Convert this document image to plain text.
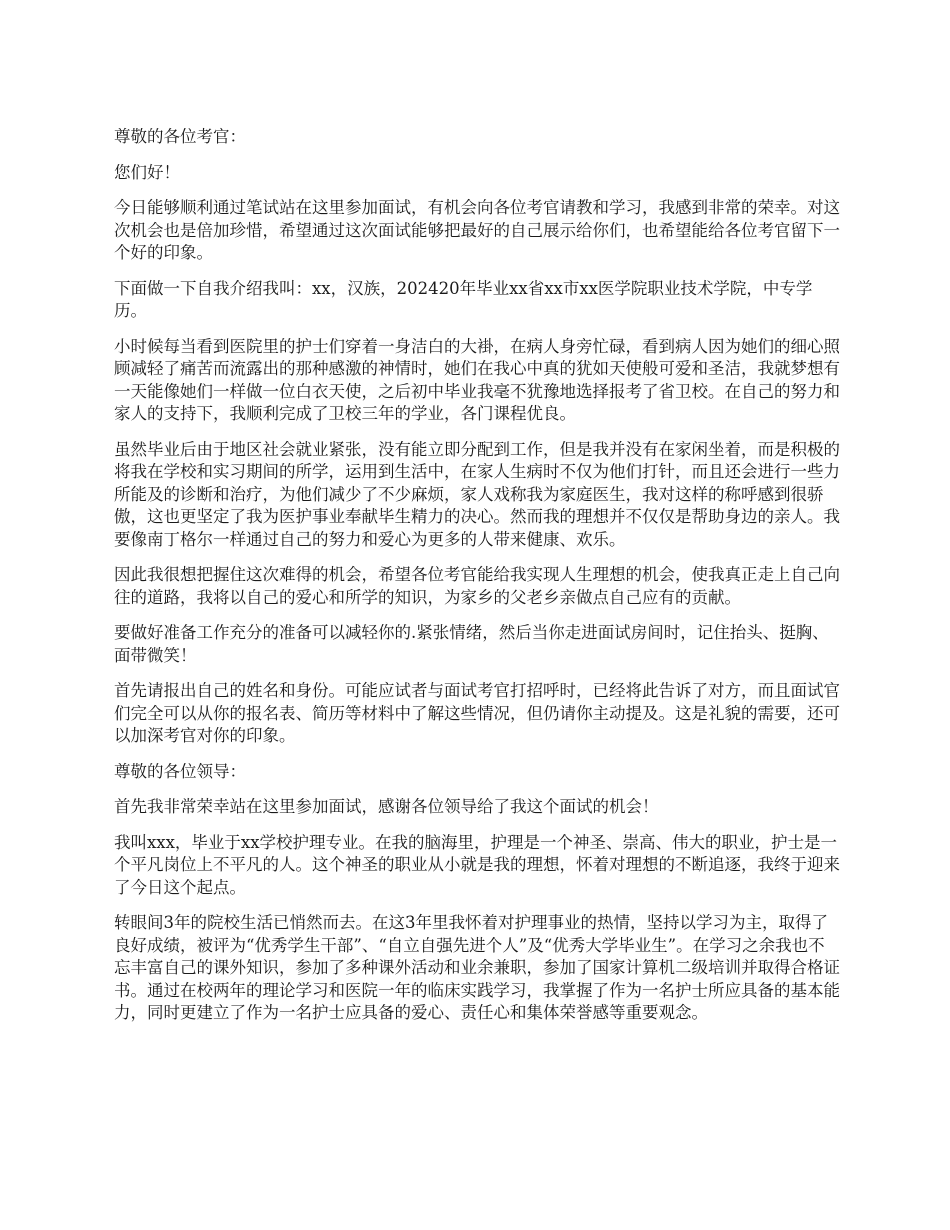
尊敬的各位考官：

您们好！

今日能够顺利通过笔试站在这里参加面试，有机会向各位考官请教和学习，我感到非常的荣幸。对这次机会也是倍加珍惜，希望通过这次面试能够把最好的自己展示给你们，也希望能给各位考官留下一个好的印象。

下面做一下自我介绍我叫：xx，汉族，202420年毕业xx省xx市xx医学院职业技术学院，中专学历。

小时候每当看到医院里的护士们穿着一身洁白的大褂，在病人身旁忙碌，看到病人因为她们的细心照顾减轻了痛苦而流露出的那种感激的神情时，她们在我心中真的犹如天使般可爱和圣洁，我就梦想有一天能像她们一样做一位白衣天使，之后初中毕业我毫不犹豫地选择报考了省卫校。在自己的努力和家人的支持下，我顺利完成了卫校三年的学业，各门课程优良。

虽然毕业后由于地区社会就业紧张，没有能立即分配到工作，但是我并没有在家闲坐着，而是积极的将我在学校和实习期间的所学，运用到生活中，在家人生病时不仅为他们打针，而且还会进行一些力所能及的诊断和治疗，为他们减少了不少麻烦，家人戏称我为家庭医生，我对这样的称呼感到很骄傲，这也更坚定了我为医护事业奉献毕生精力的决心。然而我的理想并不仅仅是帮助身边的亲人。我要像南丁格尔一样通过自己的努力和爱心为更多的人带来健康、欢乐。

因此我很想把握住这次难得的机会，希望各位考官能给我实现人生理想的机会，使我真正走上自己向往的道路，我将以自己的爱心和所学的知识，为家乡的父老乡亲做点自己应有的贡献。

要做好准备工作充分的准备可以减轻你的.紧张情绪，然后当你走进面试房间时，记住抬头、挺胸、面带微笑！

首先请报出自己的姓名和身份。可能应试者与面试考官打招呼时，已经将此告诉了对方，而且面试官们完全可以从你的报名表、简历等材料中了解这些情况，但仍请你主动提及。这是礼貌的需要，还可以加深考官对你的印象。

尊敬的各位领导：

首先我非常荣幸站在这里参加面试，感谢各位领导给了我这个面试的机会！

我叫xxx，毕业于xx学校护理专业。在我的脑海里，护理是一个神圣、崇高、伟大的职业，护士是一个平凡岗位上不平凡的人。这个神圣的职业从小就是我的理想，怀着对理想的不断追逐，我终于迎来了今日这个起点。

转眼间3年的院校生活已悄然而去。在这3年里我怀着对护理事业的热情，坚持以学习为主，取得了良好成绩，被评为“优秀学生干部”、“自立自强先进个人”及“优秀大学毕业生”。在学习之余我也不忘丰富自己的课外知识，参加了多种课外活动和业余兼职，参加了国家计算机二级培训并取得合格证书。通过在校两年的理论学习和医院一年的临床实践学习，我掌握了作为一名护士所应具备的基本能力，同时更建立了作为一名护士应具备的爱心、责任心和集体荣誉感等重要观念。
